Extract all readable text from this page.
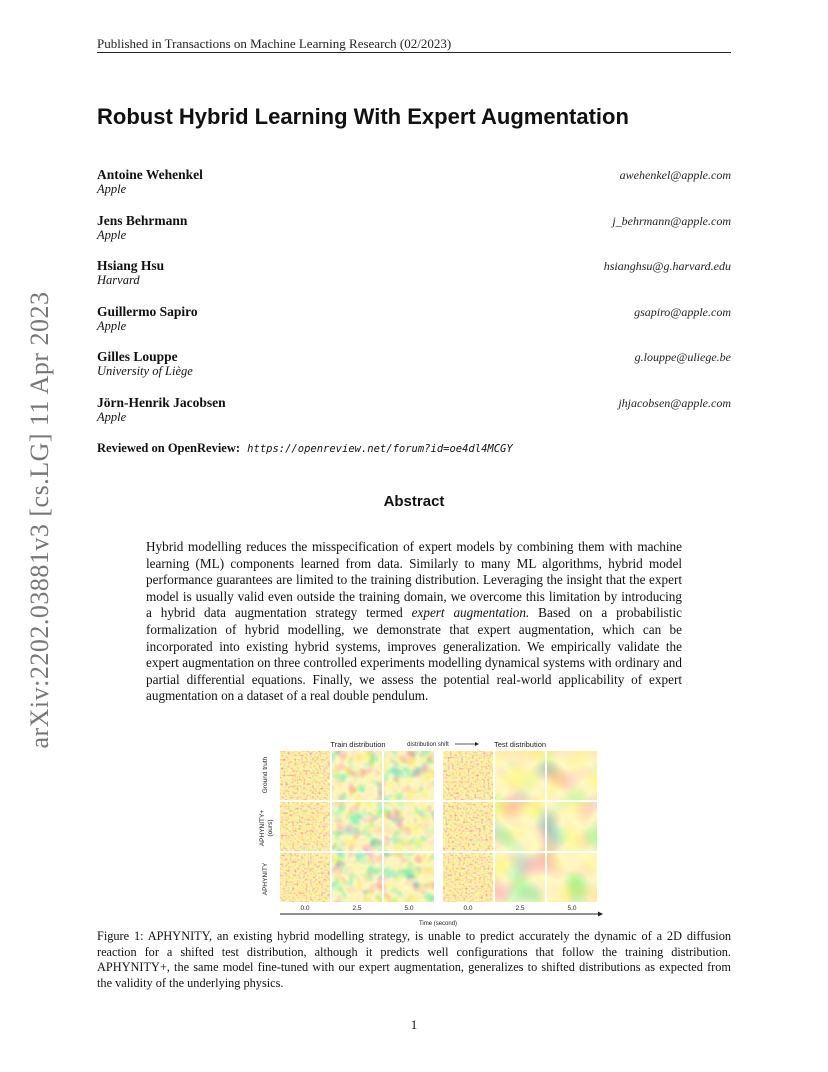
Published in Transactions on Machine Learning Research (02/2023)
arXiv:2202.03881v3 [cs.LG] 11 Apr 2023
Robust Hybrid Learning With Expert Augmentation
Antoine Wehenkel
Apple
awehenkel@apple.com
Jens Behrmann
Apple
j_behrmann@apple.com
Hsiang Hsu
Harvard
hsianghsu@g.harvard.edu
Guillermo Sapiro
Apple
gsapiro@apple.com
Gilles Louppe
University of Liège
g.louppe@uliege.be
Jörn-Henrik Jacobsen
Apple
jhjacobsen@apple.com
Reviewed on OpenReview: https://openreview.net/forum?id=oe4dl4MCGY
Abstract
Hybrid modelling reduces the misspecification of expert models by combining them with machine learning (ML) components learned from data. Similarly to many ML algorithms, hybrid model performance guarantees are limited to the training distribution. Leveraging the insight that the expert model is usually valid even outside the training domain, we overcome this limitation by introducing a hybrid data augmentation strategy termed expert augmentation. Based on a probabilistic formalization of hybrid modelling, we demonstrate that expert augmentation, which can be incorporated into existing hybrid systems, improves generalization. We empirically validate the expert augmentation on three controlled experiments modelling dynamical systems with ordinary and partial differential equations. Finally, we assess the potential real-world applicability of expert augmentation on a dataset of a real double pendulum.
Train distribution	distribution shift	Test distribution
Ground truth
APHYNITY+ (ours)
APHYNITY
0.0	2.5	5.0	0.0	2.5	5.0
Time (second)
Figure 1: APHYNITY, an existing hybrid modelling strategy, is unable to predict accurately the dynamic of a 2D diffusion reaction for a shifted test distribution, although it predicts well configurations that follow the training distribution. APHYNITY+, the same model fine-tuned with our expert augmentation, generalizes to shifted distributions as expected from the validity of the underlying physics.
1
